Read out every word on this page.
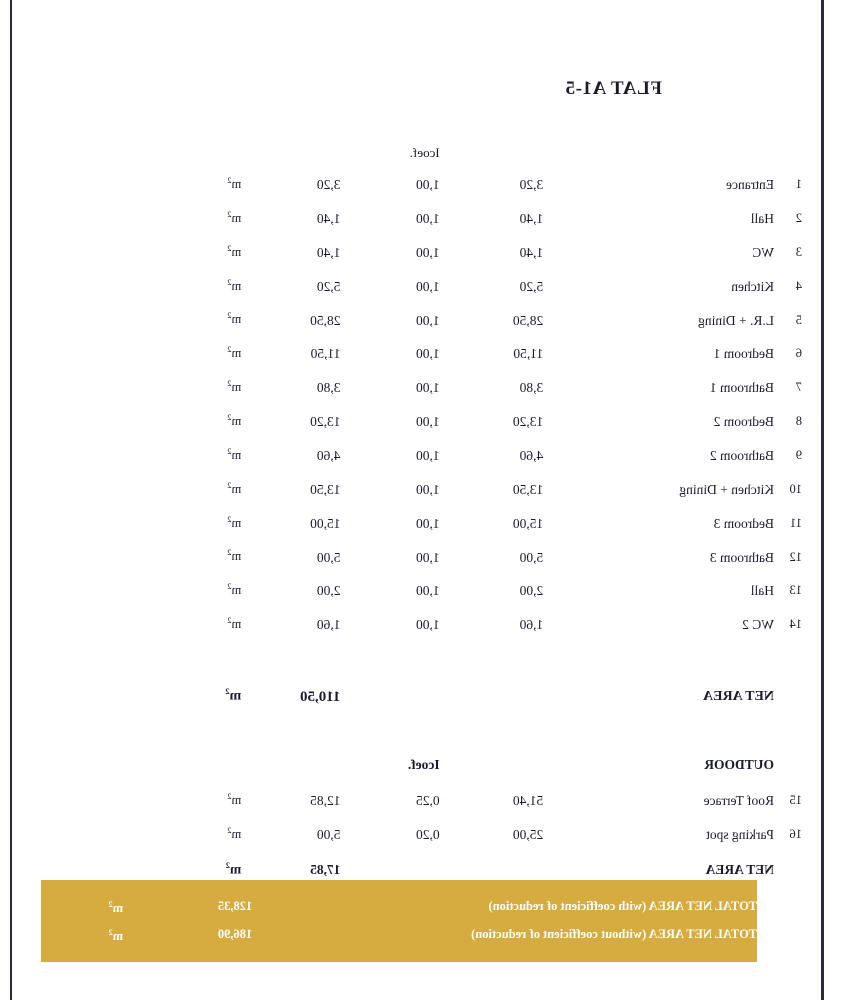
FLAT A1-5
			Icoef.			
1	Entrance	3,20	1,00	3,20	$m^2$	
2	Hall	1,40	1,00	1,40	$m^2$	
3	WC	1,40	1,00	1,40	$m^2$	
4	Kitchen	5,20	1,00	5,20	$m^2$	
5	L.R. + Dining	28,50	1,00	28,50	$m^2$	
6	Bedroom 1	11,50	1,00	11,50	$m^2$	
7	Bathroom 1	3,80	1,00	3,80	$m^2$	
8	Bedroom 2	13,20	1,00	13,20	$m^2$	
9	Bathroom 2	4,60	1,00	4,60	$m^2$	
10	Kitchen + Dining	13,50	1,00	13,50	$m^2$	
11	Bedroom 3	15,00	1,00	15,00	$m^2$	
12	Bathroom 3	5,00	1,00	5,00	$m^2$	
13	Hall	2,00	1,00	2,00	$m^2$	
14	WC 2	1,60	1,00	1,60	$m^2$	

	NET AREA			110,50	$m^2$	

	OUTDOOR		Icoef.			
15	Roof Terrace	51,40	0,25	12,85	$m^2$	
16	Parking spot	25,00	0,20	5,00	$m^2$	
	NET AREA			17,85	$m^2$	
TOTAL NET AREA (with coefficient of reduction)	128,35	$m^2$
TOTAL NET AREA (without coefficient of reduction)	186,90	$m^2$
